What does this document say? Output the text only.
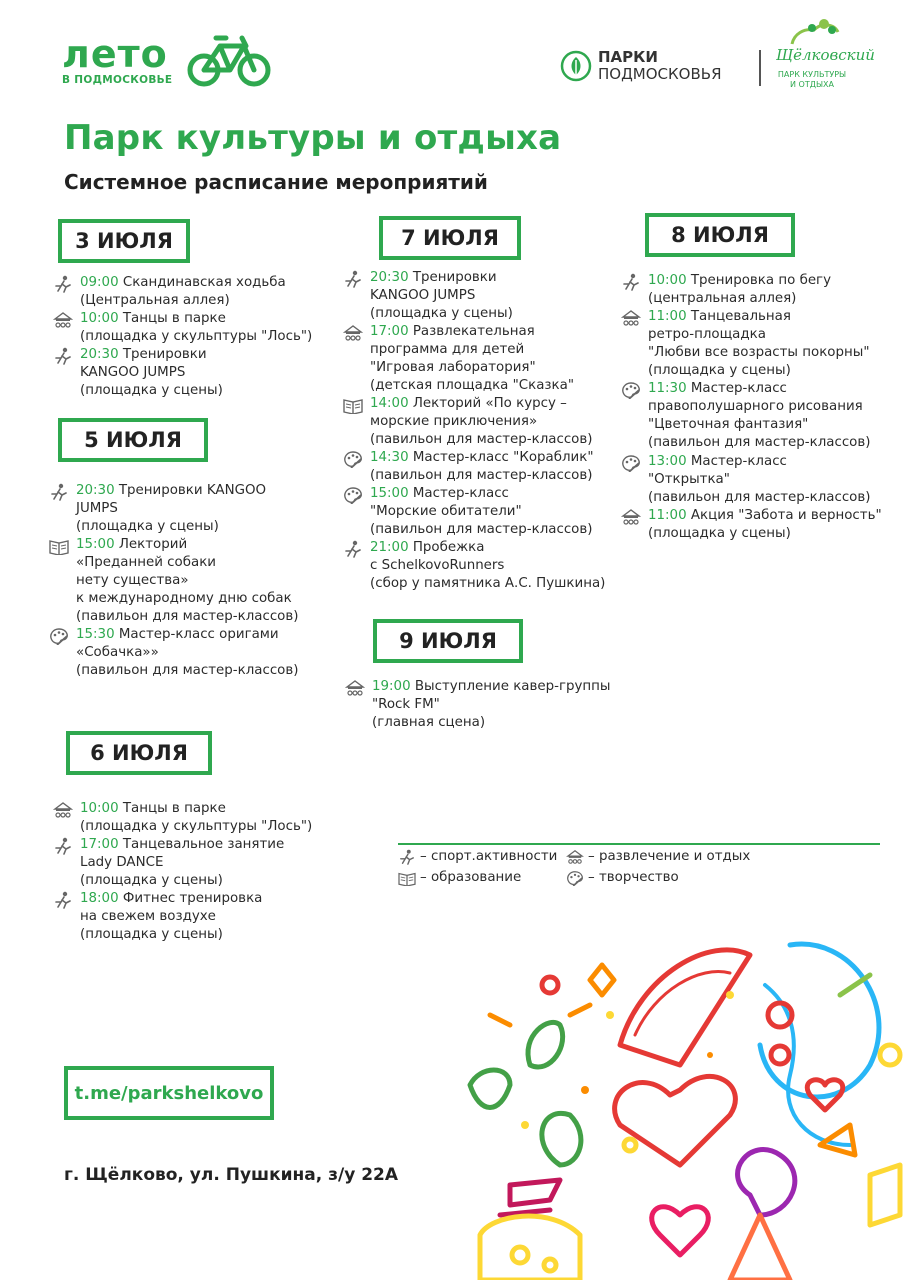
лето
В ПОДМОСКОВЬЕ
ПАРКИ
ПОДМОСКОВЬЯ
Щёлковский
ПАРК КУЛЬТУРЫ И ОТДЫХА
Парк культуры и отдыха
Системное расписание мероприятий
3 ИЮЛЯ
09:00 Скандинавская ходьба
(Центральная аллея)
10:00 Танцы в парке
(площадка у скульптуры "Лось")
20:30 Тренировки
KANGOO JUMPS
(площадка у сцены)
5 ИЮЛЯ
20:30 Тренировки KANGOO
JUMPS
(площадка у сцены)
15:00 Лекторий
«Преданней собаки
нету существа»
к международному дню собак
(павильон для мастер-классов)
15:30 Мастер-класс оригами
«Собачка»»
(павильон для мастер-классов)
6 ИЮЛЯ
10:00 Танцы в парке
(площадка у скульптуры "Лось")
17:00 Танцевальное занятие
Lady DANCE
(площадка у сцены)
18:00 Фитнес тренировка
на свежем воздухе
(площадка у сцены)
7 ИЮЛЯ
20:30 Тренировки
KANGOO JUMPS
(площадка у сцены)
17:00 Развлекательная
программа для детей
"Игровая лаборатория"
(детская площадка "Сказка"
14:00 Лекторий «По курсу –
морские приключения»
(павильон для мастер-классов)
14:30 Мастер-класс "Кораблик"
(павильон для мастер-классов)
15:00 Мастер-класс
"Морские обитатели"
(павильон для мастер-классов)
21:00 Пробежка
с SchelkovoRunners
(сбор у памятника А.С. Пушкина)
9 ИЮЛЯ
19:00 Выступление кавер-группы
"Rock FM"
(главная сцена)
8 ИЮЛЯ
10:00 Тренировка по бегу
(центральная аллея)
11:00 Танцевальная
ретро-площадка
"Любви все возрасты покорны"
(площадка у сцены)
11:30 Мастер-класс
правополушарного рисования
"Цветочная фантазия"
(павильон для мастер-классов)
13:00 Мастер-класс
"Открытка"
(павильон для мастер-классов)
11:00 Акция "Забота и верность"
(площадка у сцены)
– спорт.активности – развлечение и отдых
– образование	– творчество
t.me/parkshelkovo
г. Щёлково, ул. Пушкина, з/у 22А
